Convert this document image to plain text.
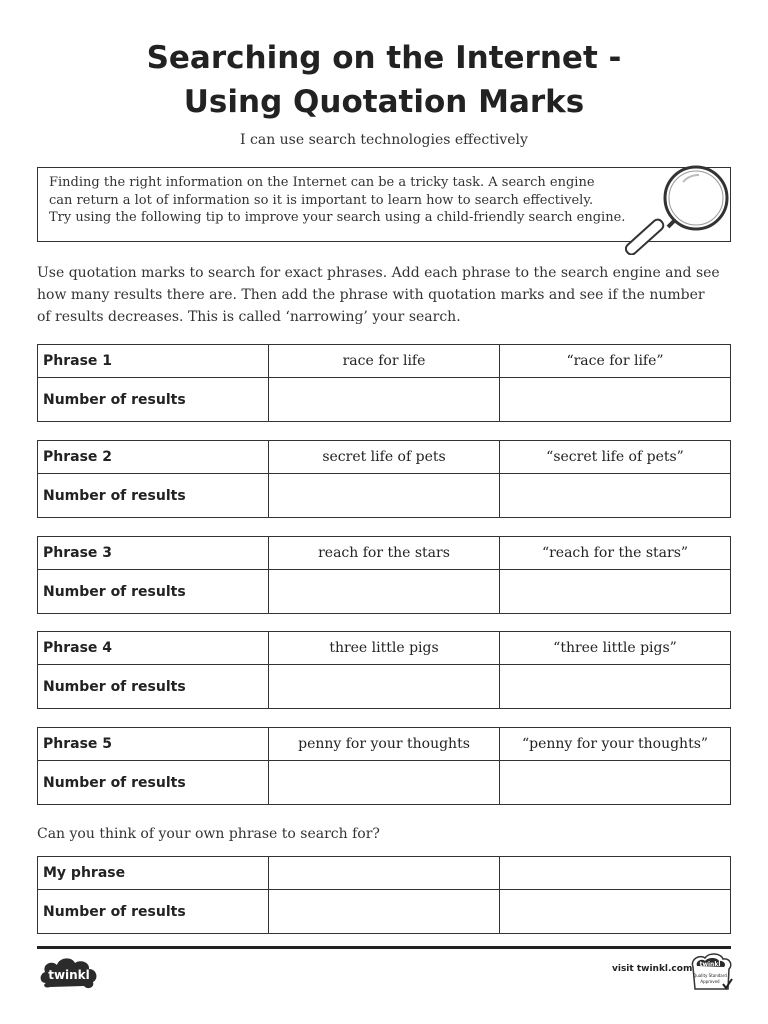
Searching on the Internet -
Using Quotation Marks
I can use search technologies effectively

Finding the right information on the Internet can be a tricky task. A search engine

can return a lot of information so it is important to learn how to search effectively.

Try using the following tip to improve your search using a child-friendly search engine.

Use quotation marks to search for exact phrases. Add each phrase to the search engine and see
how many results there are. Then add the phrase with quotation marks and see if the number
of results decreases. This is called ‘narrowing’ your search.
Phrase 1	race for life	“race for life”
Number of results		
Phrase 2	secret life of pets	“secret life of pets”
Number of results		
Phrase 3	reach for the stars	“reach for the stars”
Number of results		
Phrase 4	three little pigs	“three little pigs”
Number of results		
Phrase 5	penny for your thoughts	“penny for your thoughts”
Number of results		
Can you think of your own phrase to search for?
My phrase		
Number of results		
twinkl	visit twinkl.com twinkl
Quality Standard
Approved
